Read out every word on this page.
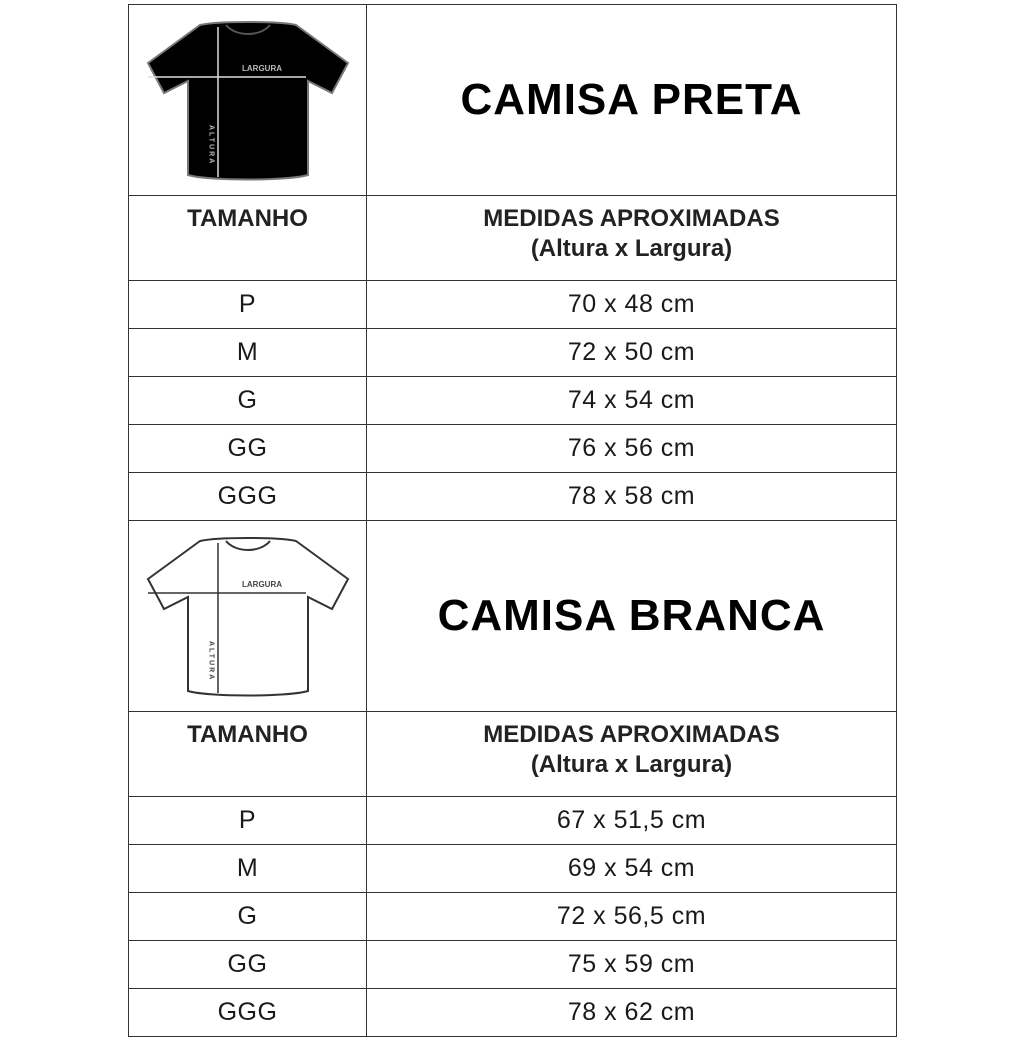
LARGURA
ALTURA	CAMISA PRETA
TAMANHO	MEDIDAS APROXIMADAS
(Altura x Largura)

P	70 x 48 cm
M	72 x 50 cm
G	74 x 54 cm
GG	76 x 56 cm
GGG	78 x 58 cm

LARGURA
ALTURA	CAMISA BRANCA
TAMANHO	MEDIDAS APROXIMADAS
(Altura x Largura)

P	67 x 51,5 cm
M	69 x 54 cm
G	72 x 56,5 cm
GG	75 x 59 cm
GGG	78 x 62 cm
